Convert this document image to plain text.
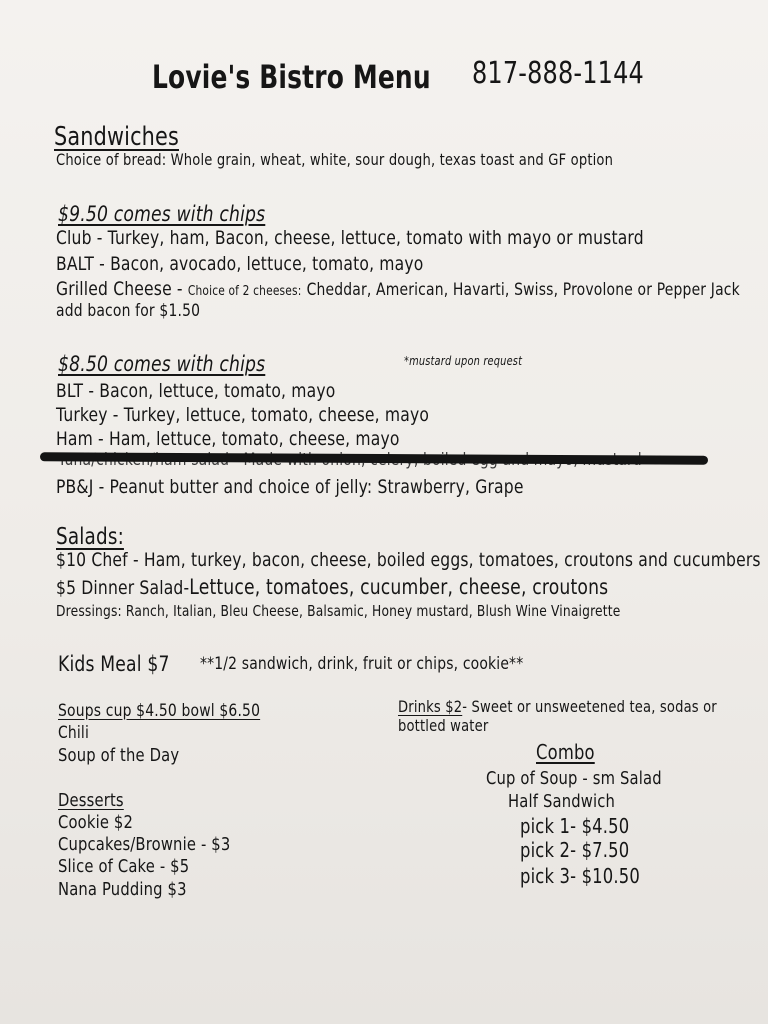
Lovie's Bistro Menu 817-888-1144
Sandwiches
Choice of bread: Whole grain, wheat, white, sour dough, texas toast and GF option
$9.50 comes with chips
Club - Turkey, ham, Bacon, cheese, lettuce, tomato with mayo or mustard
BALT - Bacon, avocado, lettuce, tomato, mayo
Grilled Cheese - Choice of 2 cheeses: Cheddar, American, Havarti, Swiss, Provolone or Pepper Jack
add bacon for $1.50
$8.50 comes with chips	*mustard upon request
BLT - Bacon, lettuce, tomato, mayo
Turkey - Turkey, lettuce, tomato, cheese, mayo
Ham - Ham, lettuce, tomato, cheese, mayo
PB&J - Peanut butter and choice of jelly: Strawberry, Grape
Salads:
$10 Chef - Ham, turkey, bacon, cheese, boiled eggs, tomatoes, croutons and cucumbers
$5 Dinner Salad-Lettuce, tomatoes, cucumber, cheese, croutons
Dressings: Ranch, Italian, Bleu Cheese, Balsamic, Honey mustard, Blush Wine Vinaigrette
Kids Meal $7 **1/2 sandwich, drink, fruit or chips, cookie**
Soups cup $4.50 bowl $6.50
Chili
Soup of the Day
Desserts
Cookie $2
Cupcakes/Brownie - $3
Slice of Cake - $5
Nana Pudding $3
Drinks $2- Sweet or unsweetened tea, sodas or
bottled water
Combo
Cup of Soup - sm Salad
Half Sandwich
pick 1- $4.50
pick 2- $7.50
pick 3- $10.50
